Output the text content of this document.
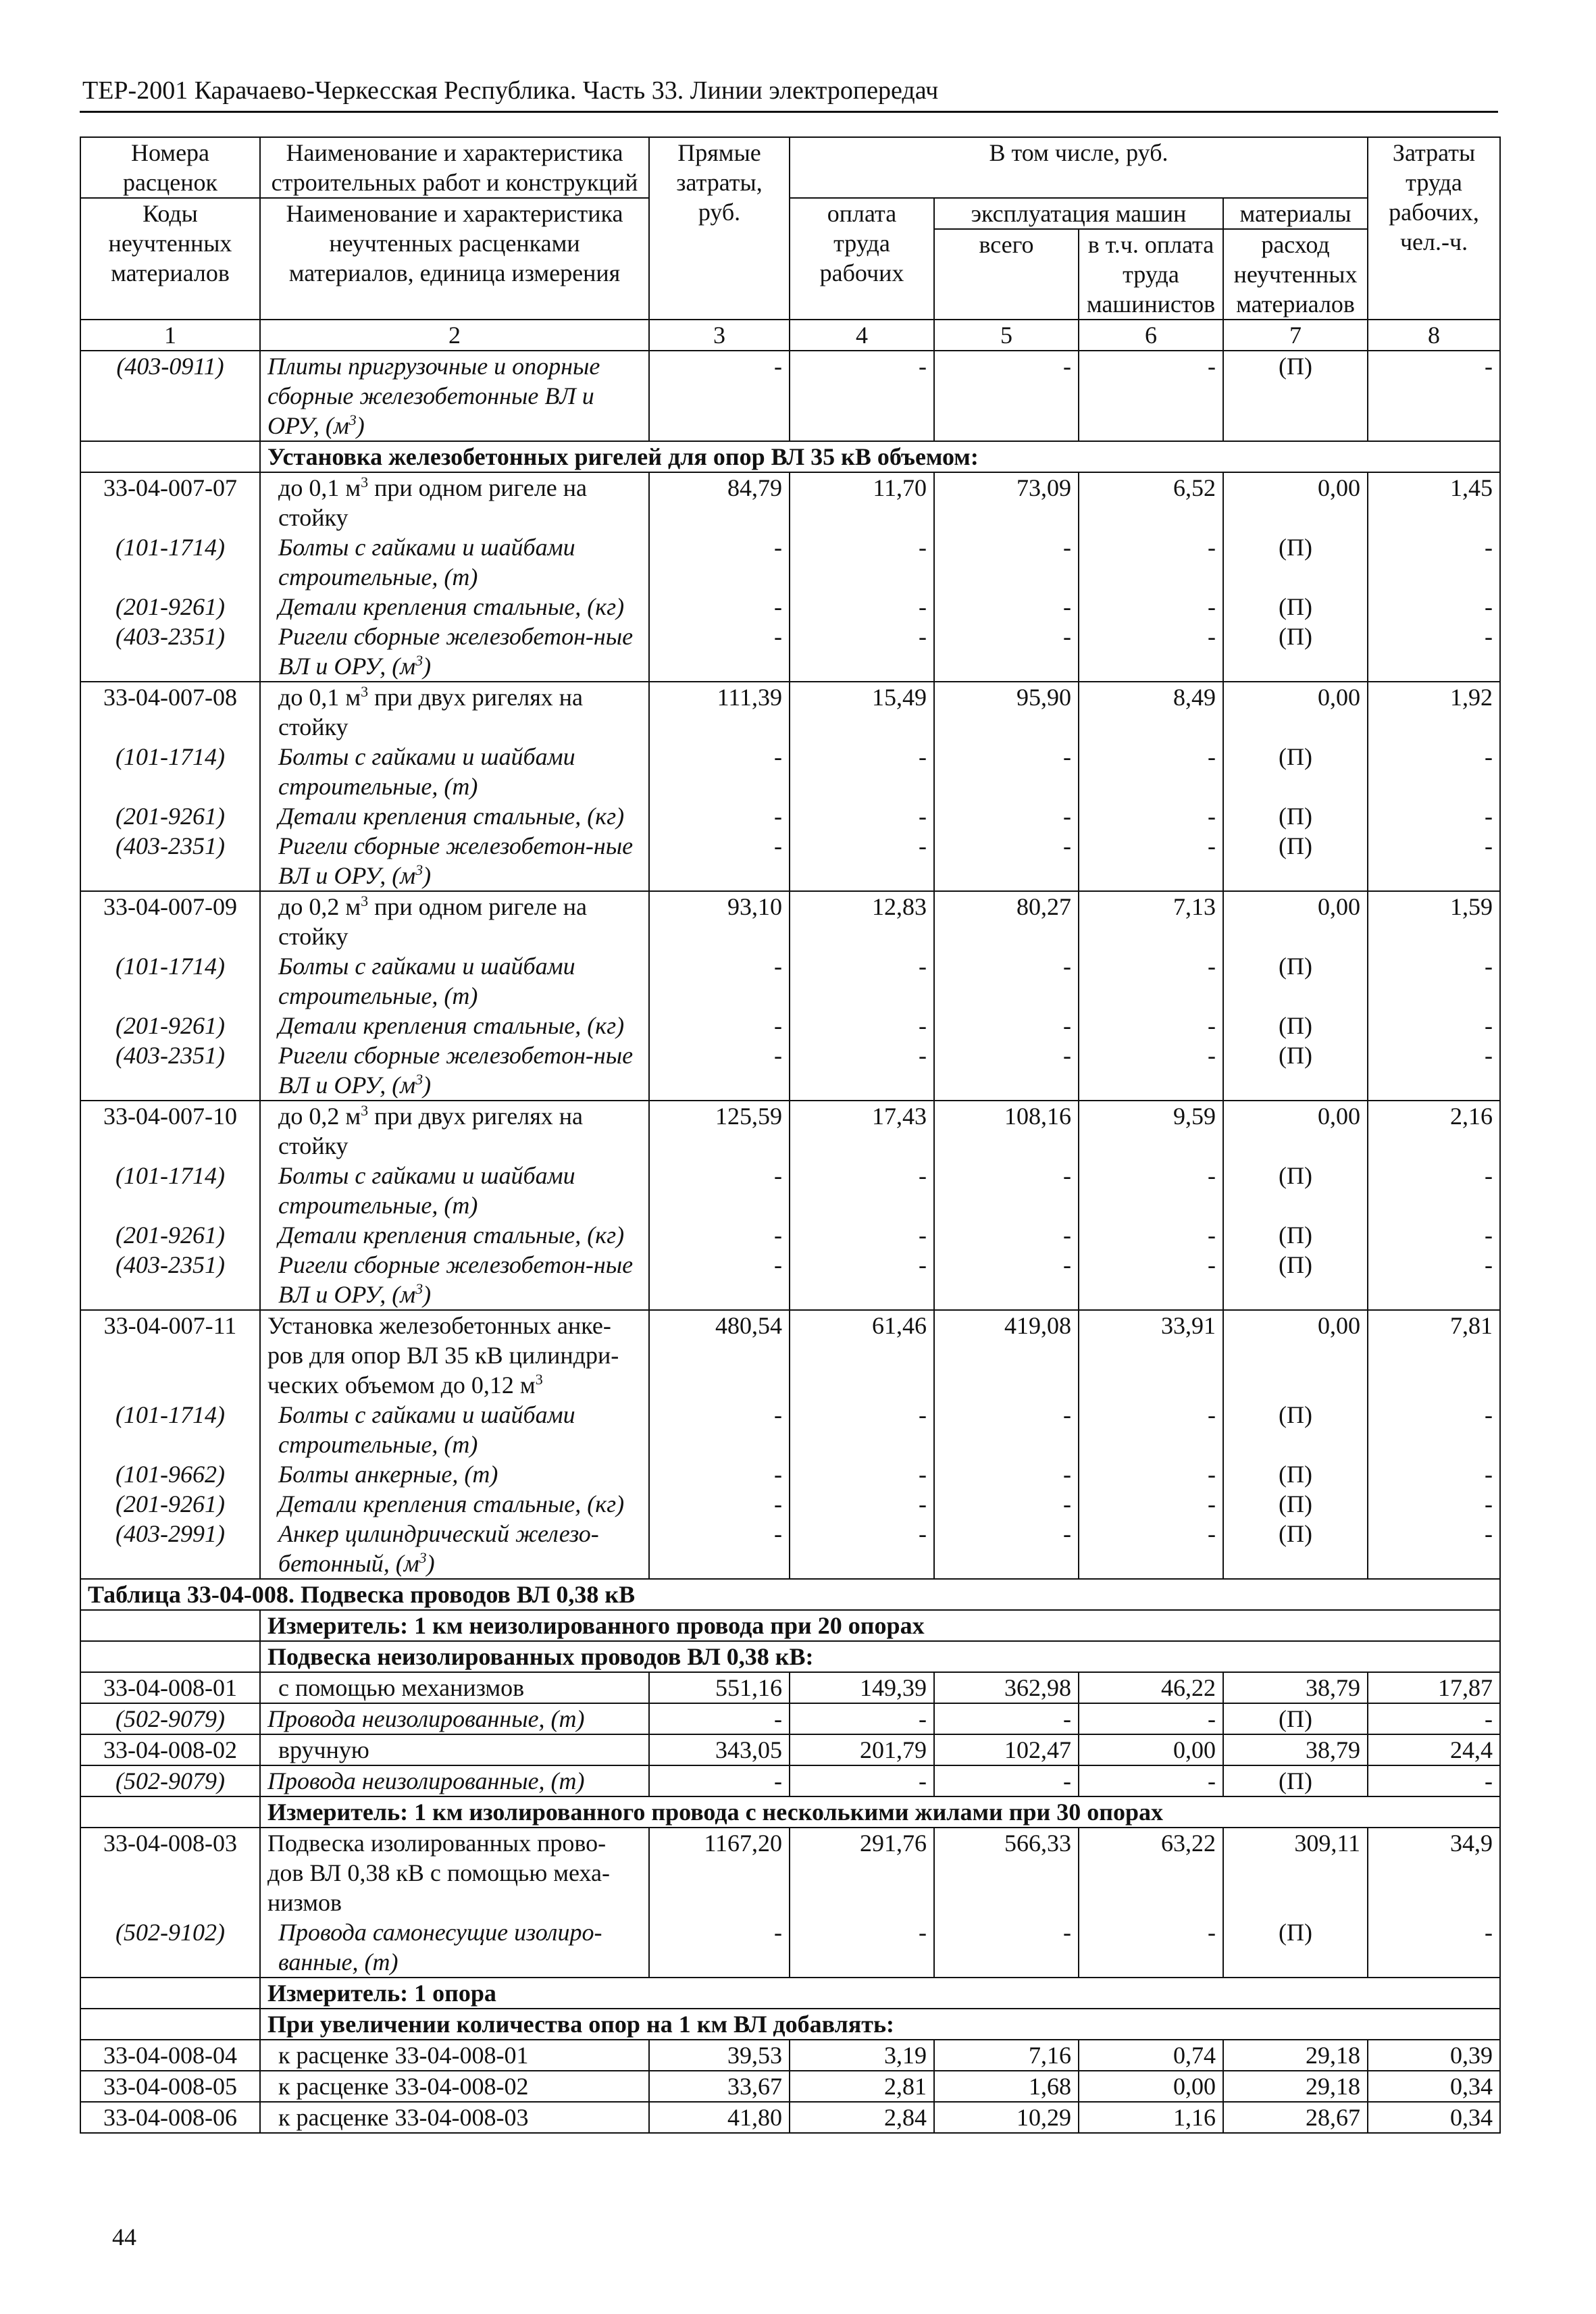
ТЕР-2001 Карачаево-Черкесская Республика. Часть 33. Линии электропередач
Номера расценок	Наименование и характеристика строительных работ и конструкций	Прямые затраты, руб.	В том числе, руб.				Затраты труда рабочих, чел.-ч.
Коды неучтенных материалов	Наименование и характеристика неучтенных расценками материалов, единица измерения		оплата труда рабочих	эксплуатация машин		материалы	
				всего	в т.ч. оплата труда машинистов	расход неучтенных материалов	
1	2	3	4	5	6	7	8
(403-0911)	Плиты пригрузочные и опорные сборные железобетонные ВЛ и ОРУ, $(м^3)$	-	-	-	-	(П)	-
	Установка железобетонных ригелей для опор ВЛ 35 кВ объемом:						
33-04-007-07	до 0,1 $м^3$ при одном ригеле на стойку	84,79	11,70	73,09	6,52	0,00	1,45
(101-1714)	Болты с гайками и шайбами строительные, (т)	-	-	-	-	(П)	-
(201-9261)	Детали крепления стальные, (кг)	-	-	-	-	(П)	-
(403-2351)	Ригели сборные железобетон-ные ВЛ и ОРУ, $(м^3)$	-	-	-	-	(П)	-
33-04-007-08	до 0,1 $м^3$ при двух ригелях на стойку	111,39	15,49	95,90	8,49	0,00	1,92
(101-1714)	Болты с гайками и шайбами строительные, (т)	-	-	-	-	(П)	-
(201-9261)	Детали крепления стальные, (кг)	-	-	-	-	(П)	-
(403-2351)	Ригели сборные железобетон-ные ВЛ и ОРУ, $(м^3)$	-	-	-	-	(П)	-
33-04-007-09	до 0,2 $м^3$ при одном ригеле на стойку	93,10	12,83	80,27	7,13	0,00	1,59
(101-1714)	Болты с гайками и шайбами строительные, (т)	-	-	-	-	(П)	-
(201-9261)	Детали крепления стальные, (кг)	-	-	-	-	(П)	-
(403-2351)	Ригели сборные железобетон-ные ВЛ и ОРУ, $(м^3)$	-	-	-	-	(П)	-
33-04-007-10	до 0,2 $м^3$ при двух ригелях на стойку	125,59	17,43	108,16	9,59	0,00	2,16
(101-1714)	Болты с гайками и шайбами строительные, (т)	-	-	-	-	(П)	-
(201-9261)	Детали крепления стальные, (кг)	-	-	-	-	(П)	-
(403-2351)	Ригели сборные железобетон-ные ВЛ и ОРУ, $(м^3)$	-	-	-	-	(П)	-
33-04-007-11	Установка железобетонных анке-ров для опор ВЛ 35 кВ цилиндри-ческих объемом до 0,12 $м^3$	480,54	61,46	419,08	33,91	0,00	7,81
(101-1714)	Болты с гайками и шайбами строительные, (т)	-	-	-	-	(П)	-
(101-9662)	Болты анкерные, (т)	-	-	-	-	(П)	-
(201-9261)	Детали крепления стальные, (кг)	-	-	-	-	(П)	-
(403-2991)	Анкер цилиндрический железо-бетонный, $(м^3)$	-	-	-	-	(П)	-
Таблица 33-04-008. Подвеска проводов ВЛ 0,38 кВ							
	Измеритель: 1 км неизолированного провода при 20 опорах						
	Подвеска неизолированных проводов ВЛ 0,38 кВ:						
33-04-008-01	с помощью механизмов	551,16	149,39	362,98	46,22	38,79	17,87
(502-9079)	Провода неизолированные, (т)	-	-	-	-	(П)	-
33-04-008-02	вручную	343,05	201,79	102,47	0,00	38,79	24,4
(502-9079)	Провода неизолированные, (т)	-	-	-	-	(П)	-
	Измеритель: 1 км изолированного провода с несколькими жилами при 30 опорах						
33-04-008-03	Подвеска изолированных прово-дов ВЛ 0,38 кВ с помощью меха-низмов	1167,20	291,76	566,33	63,22	309,11	34,9
(502-9102)	Провода самонесущие изолиро-ванные, (т)	-	-	-	-	(П)	-
	Измеритель: 1 опора						
	При увеличении количества опор на 1 км ВЛ добавлять:						
33-04-008-04	к расценке 33-04-008-01	39,53	3,19	7,16	0,74	29,18	0,39
33-04-008-05	к расценке 33-04-008-02	33,67	2,81	1,68	0,00	29,18	0,34
33-04-008-06	к расценке 33-04-008-03	41,80	2,84	10,29	1,16	28,67	0,34
44
